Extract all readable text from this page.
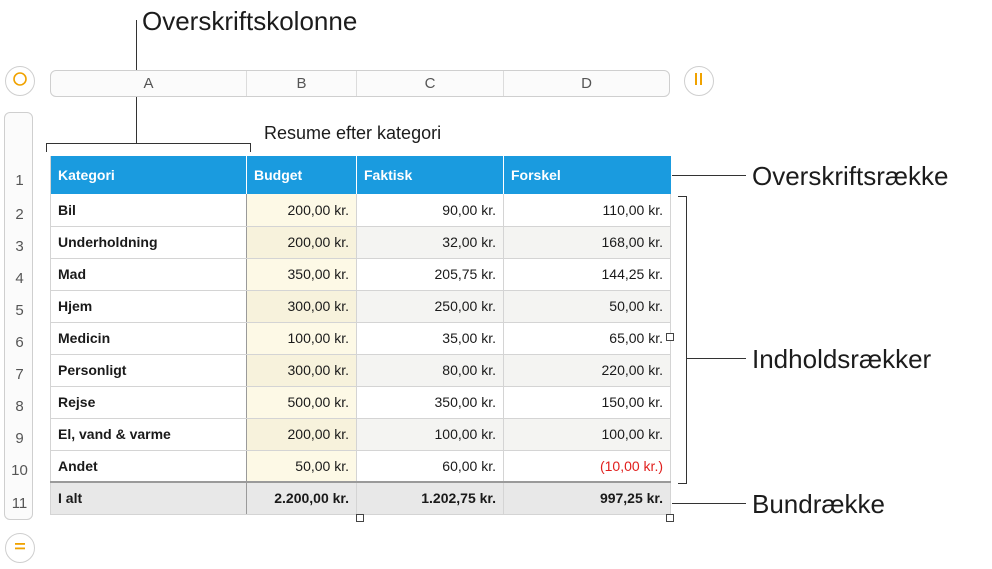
Overskriftskolonne
A	B	C	D
1
2
3
4
5
6
7
8
9
10
11
Resume efter kategori
Kategori	Budget	Faktisk	Forskel
Bil	200,00 kr.	90,00 kr.	110,00 kr.
Underholdning	200,00 kr.	32,00 kr.	168,00 kr.
Mad	350,00 kr.	205,75 kr.	144,25 kr.
Hjem	300,00 kr.	250,00 kr.	50,00 kr.
Medicin	100,00 kr.	35,00 kr.	65,00 kr.
Personligt	300,00 kr.	80,00 kr.	220,00 kr.
Rejse	500,00 kr.	350,00 kr.	150,00 kr.
El, vand & varme	200,00 kr.	100,00 kr.	100,00 kr.
Andet	50,00 kr.	60,00 kr.	(10,00 kr.)
I alt	2.200,00 kr.	1.202,75 kr.	997,25 kr.
Overskriftsrække
Indholdsrækker
Bundrække
